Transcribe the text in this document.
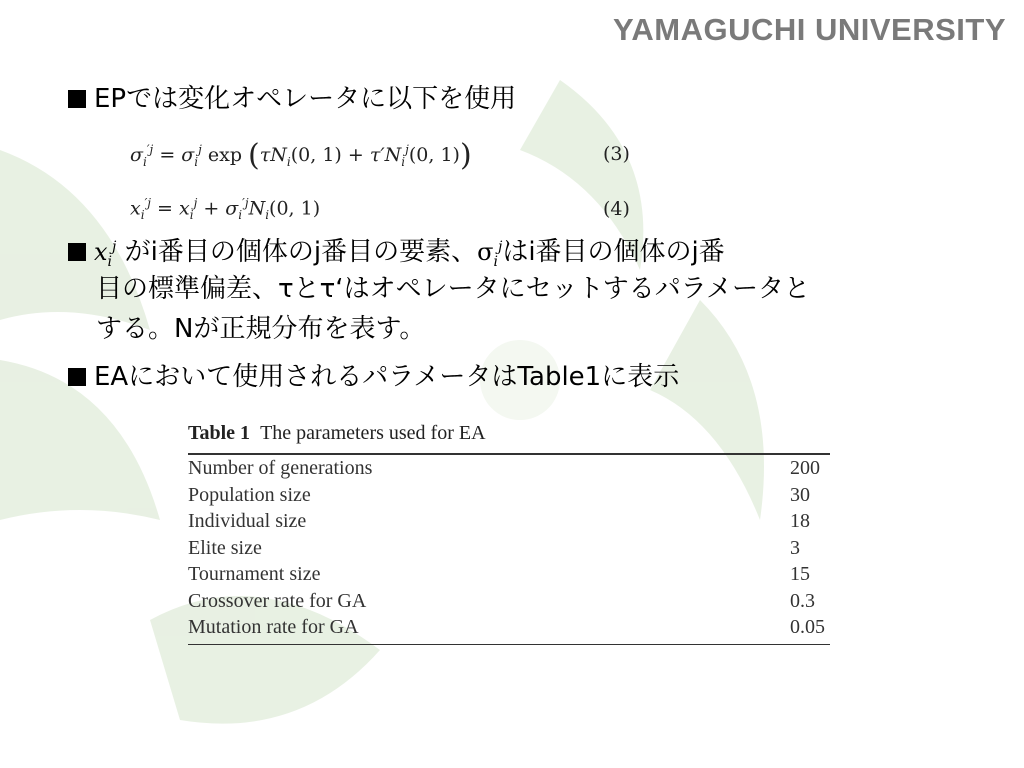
YAMAGUCHI UNIVERSITY
EPでは変化オペレータに以下を使用
$\sigma_i^{'j} = \sigma_i^j$ $\exp (\tau N_i(0$, $1) + \tau'N_i^j(0$, 1))	(3)
$x_i^{'j} = x_i^j + \sigma_i^{'j}N_i(0$, 1)	(4)
$x_i^j$ がi番目の個体のj番目の要素、$\sigma_i^j$はi番目の個体のj番
目の標準偏差、τとτ‘はオペレータにセットするパラメータと
する。Nが正規分布を表す。
EAにおいて使用されるパラメータはTable1に表示
Table 1 The parameters used for EA
Number of generations	200
Population size	30
Individual size	18
Elite size	3
Tournament size	15
Crossover rate for GA	0.3
Mutation rate for GA	0.05
